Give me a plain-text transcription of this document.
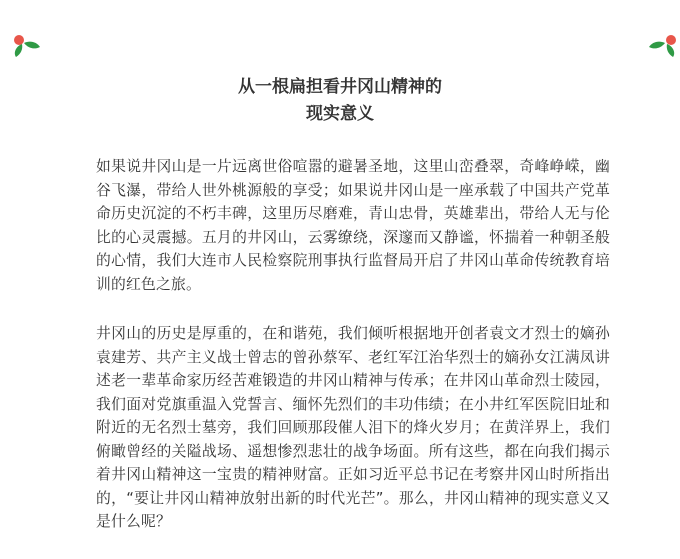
从一根扁担看井冈山精神的
现实意义

如果说井冈山是一片远离世俗喧嚣的避暑圣地，这里山峦叠翠，奇峰峥嵘，幽谷飞瀑，带给人世外桃源般的享受；如果说井冈山是一座承载了中国共产党革命历史沉淀的不朽丰碑，这里历尽磨难，青山忠骨，英雄辈出，带给人无与伦比的心灵震撼。五月的井冈山，云雾缭绕，深邃而又静谧，怀揣着一种朝圣般的心情，我们大连市人民检察院刑事执行监督局开启了井冈山革命传统教育培训的红色之旅。

井冈山的历史是厚重的，在和谐苑，我们倾听根据地开创者袁文才烈士的嫡孙袁建芳、共产主义战士曾志的曾孙蔡军、老红军江治华烈士的嫡孙女江满凤讲述老一辈革命家历经苦难锻造的井冈山精神与传承；在井冈山革命烈士陵园，我们面对党旗重温入党誓言、缅怀先烈们的丰功伟绩；在小井红军医院旧址和附近的无名烈士墓旁，我们回顾那段催人泪下的烽火岁月；在黄洋界上，我们俯瞰曾经的关隘战场、遥想惨烈悲壮的战争场面。所有这些，都在向我们揭示着井冈山精神这一宝贵的精神财富。正如习近平总书记在考察井冈山时所指出的，“要让井冈山精神放射出新的时代光芒”。那么，井冈山精神的现实意义又是什么呢？
